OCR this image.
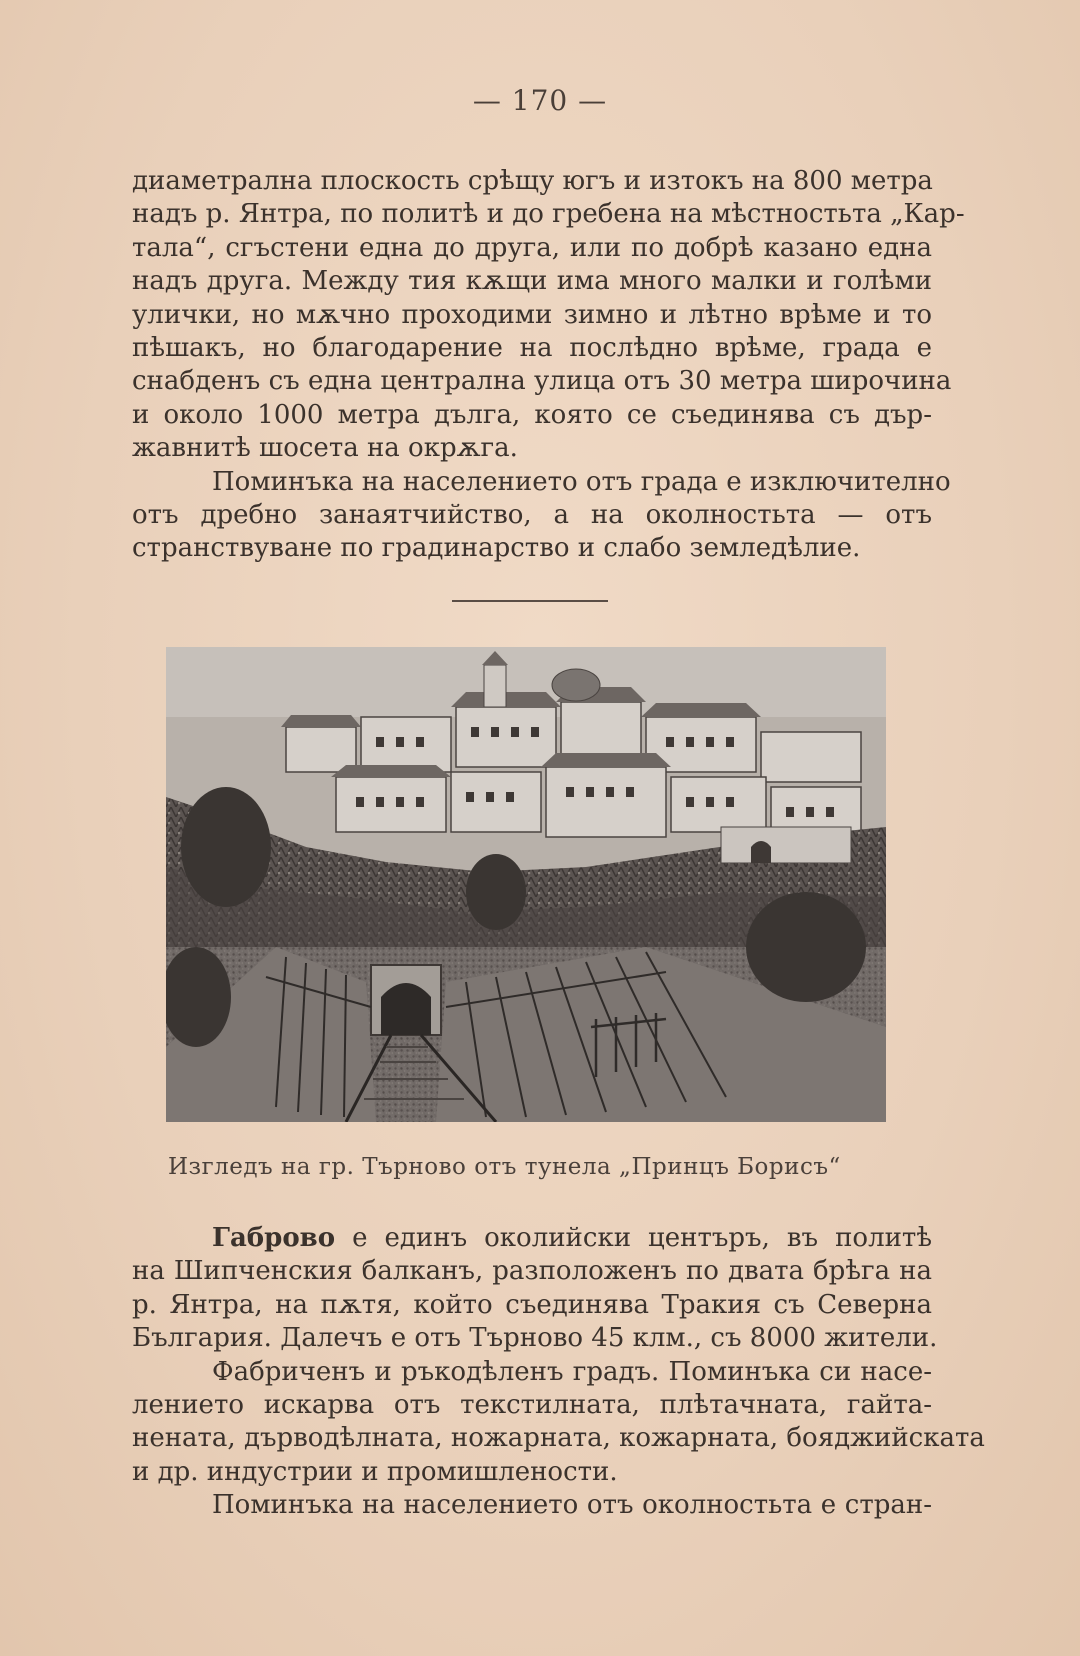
— 170 —

диаметрална плоскость срѣщу югъ и изтокъ на 800 метра
надъ р. Янтра, по политѣ и до гребена на мѣстностьта „Кар-
тала“, сгъстени една до друга, или по добрѣ казано една
надъ друга. Между тия кѫщи има много малки и голѣми
улички, но мѫчно проходими зимно и лѣтно врѣме и то
пѣшакъ, но благодарение на послѣдно врѣме, града е
снабденъ съ една централна улица отъ 30 метра широчина
и около 1000 метра дълга, която се съединява съ дър-
жавнитѣ шосета на окрѫга.

Поминъка на населението отъ града е изключително
отъ дребно занаятчийство, а на околностьта — отъ
странствуване по градинарство и слабо земледѣлие.

Изгледъ на гр. Търново отъ тунела „Принцъ Борисъ“

Габрово е единъ околийски центъръ, въ политѣ
на Шипченския балканъ, разположенъ по двата брѣга на
р. Янтра, на пѫтя, който съединява Тракия съ Северна
България. Далечъ е отъ Търново 45 клм., съ 8000 жители.

Фабриченъ и ръкодѣленъ градъ. Поминъка си насе-
лението искарва отъ текстилната, плѣтачната, гайта-
нената, дърводѣлната, ножарната, кожарната, бояджийската
и др. индустрии и промишлености.

Поминъка на населението отъ околностьта е стран-
